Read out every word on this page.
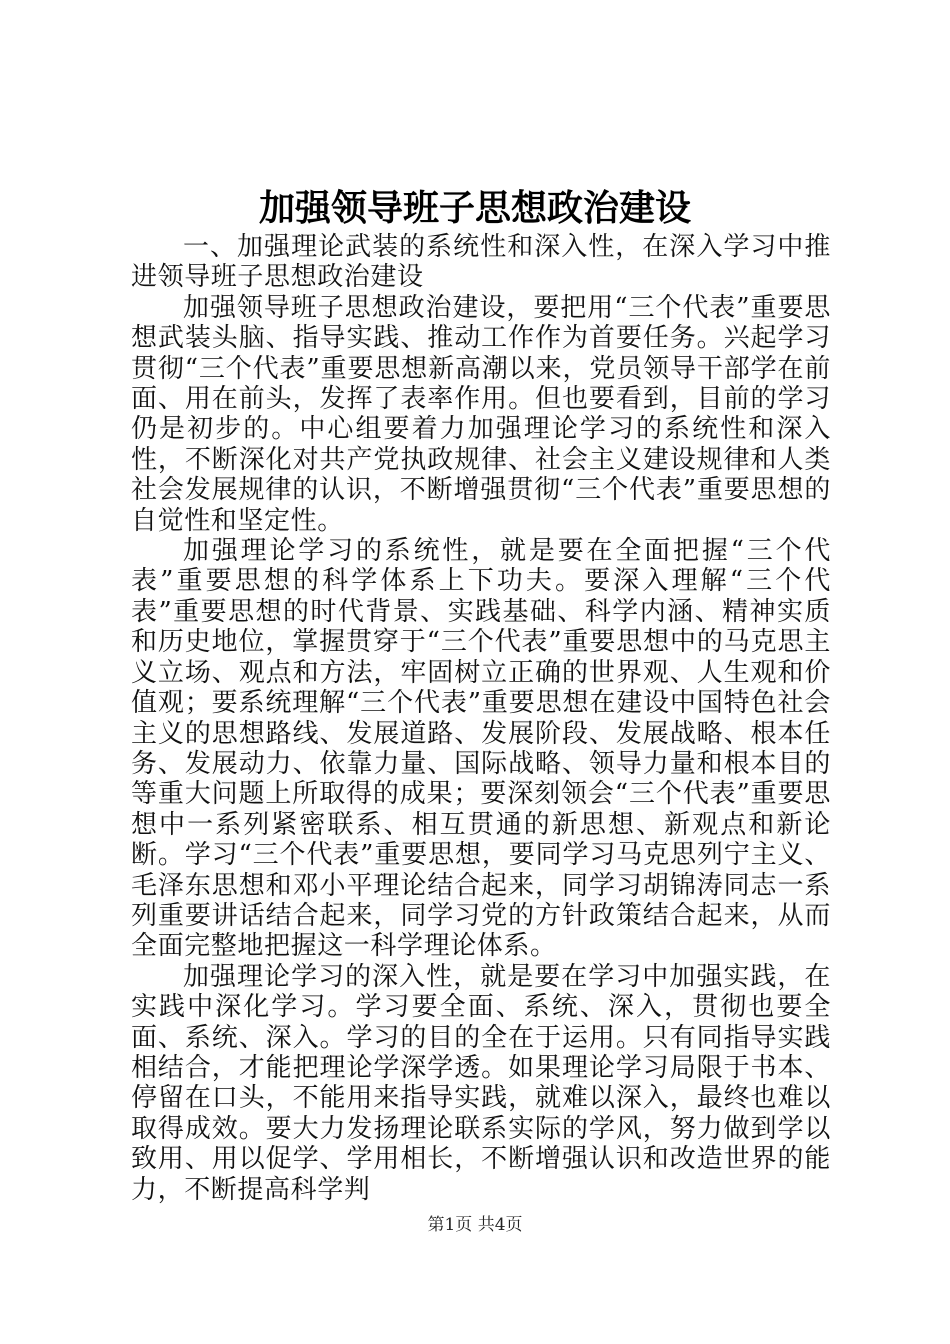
加强领导班子思想政治建设

一、加强理论武装的系统性和深入性，在深入学习中推进领导班子思想政治建设

加强领导班子思想政治建设，要把用“三个代表”重要思想武装头脑、指导实践、推动工作作为首要任务。兴起学习贯彻“三个代表”重要思想新高潮以来，党员领导干部学在前面、用在前头，发挥了表率作用。但也要看到，目前的学习仍是初步的。中心组要着力加强理论学习的系统性和深入性，不断深化对共产党执政规律、社会主义建设规律和人类社会发展规律的认识，不断增强贯彻“三个代表”重要思想的自觉性和坚定性。

加强理论学习的系统性，就是要在全面把握“三个代表”重要思想的科学体系上下功夫。要深入理解“三个代表”重要思想的时代背景、实践基础、科学内涵、精神实质和历史地位，掌握贯穿于“三个代表”重要思想中的马克思主义立场、观点和方法，牢固树立正确的世界观、人生观和价值观；要系统理解“三个代表”重要思想在建设中国特色社会主义的思想路线、发展道路、发展阶段、发展战略、根本任务、发展动力、依靠力量、国际战略、领导力量和根本目的等重大问题上所取得的成果；要深刻领会“三个代表”重要思想中一系列紧密联系、相互贯通的新思想、新观点和新论断。学习“三个代表”重要思想，要同学习马克思列宁主义、毛泽东思想和邓小平理论结合起来，同学习胡锦涛同志一系列重要讲话结合起来，同学习党的方针政策结合起来，从而全面完整地把握这一科学理论体系。

加强理论学习的深入性，就是要在学习中加强实践，在实践中深化学习。学习要全面、系统、深入，贯彻也要全面、系统、深入。学习的目的全在于运用。只有同指导实践相结合，才能把理论学深学透。如果理论学习局限于书本、停留在口头，不能用来指导实践，就难以深入，最终也难以取得成效。要大力发扬理论联系实际的学风，努力做到学以致用、用以促学、学用相长，不断增强认识和改造世界的能力，不断提高科学判

第1页 共4页
